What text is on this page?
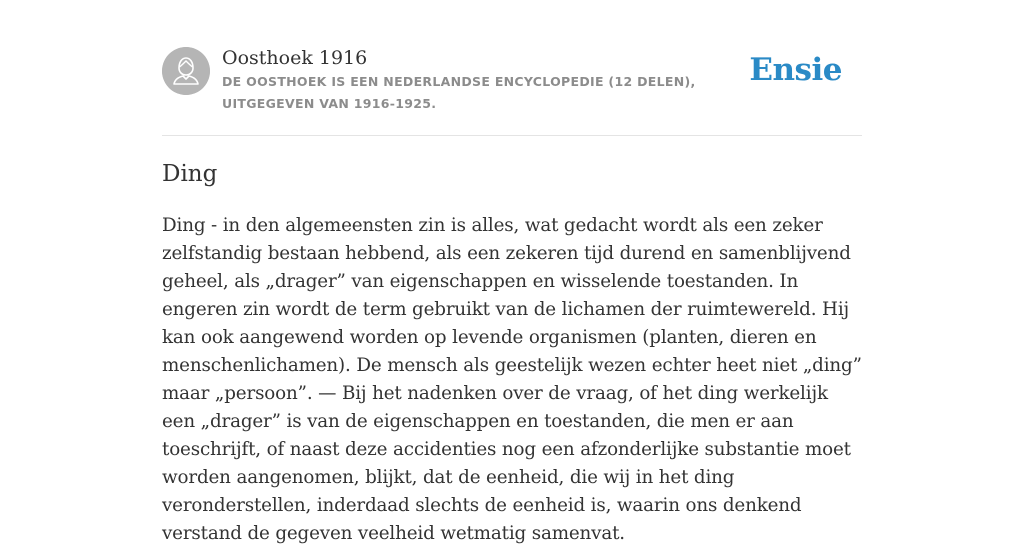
Oosthoek 1916
DE OOSTHOEK IS EEN NEDERLANDSE ENCYCLOPEDIE (12 DELEN), UITGEGEVEN VAN 1916-1925.
Ensie
Ding

Ding - in den algemeensten zin is alles, wat gedacht wordt als een zeker zelfstandig bestaan hebbend, als een zekeren tijd durend en samenblijvend geheel, als „drager” van eigenschappen en wisselende toestanden. In engeren zin wordt de term gebruikt van de lichamen der ruimtewereld. Hij kan ook aangewend worden op levende organismen (planten, dieren en menschenlichamen). De mensch als geestelijk wezen echter heet niet „ding” maar „persoon”. — Bij het nadenken over de vraag, of het ding werkelijk een „drager” is van de eigenschappen en toestanden, die men er aan toeschrijft, of naast deze accidenties nog een afzonderlijke substantie moet worden aangenomen, blijkt, dat de eenheid, die wij in het ding veronderstellen, inderdaad slechts de eenheid is, waarin ons denkend verstand de gegeven veelheid wetmatig samenvat.
